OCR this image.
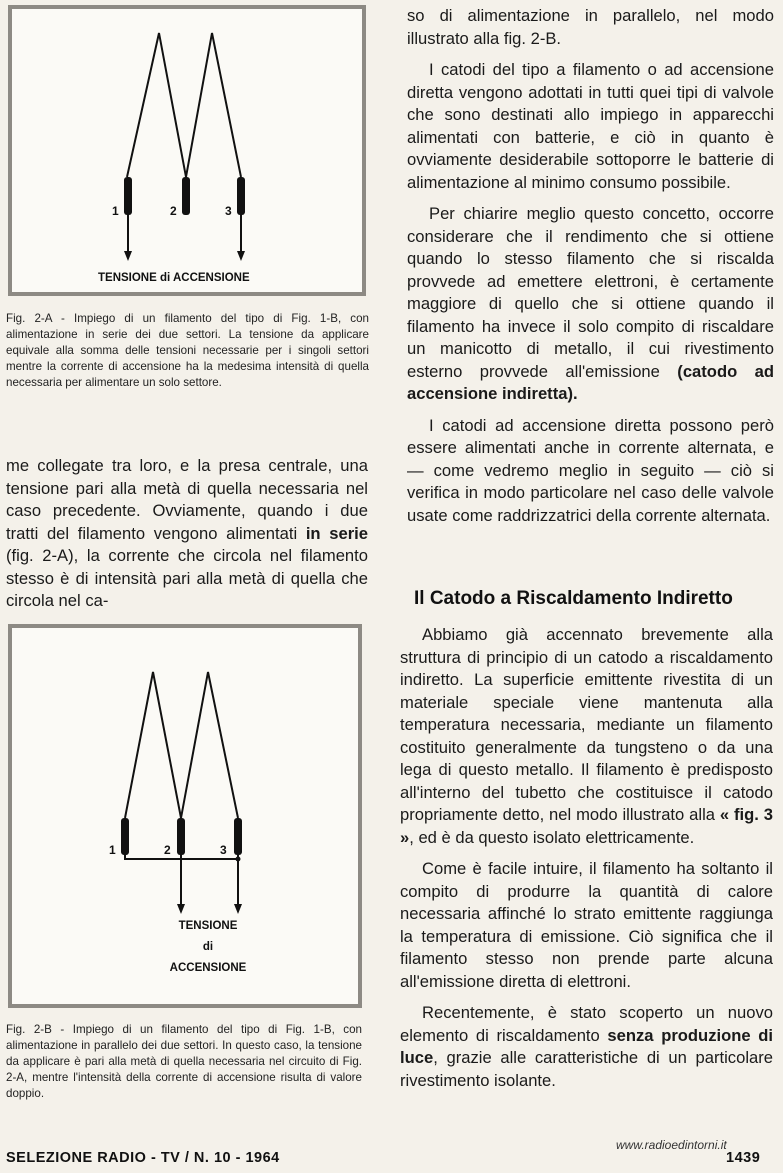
1	2	3
TENSIONE di ACCENSIONE
Fig. 2-A - Impiego di un filamento del tipo di Fig. 1-B, con alimentazione in serie dei due settori. La tensione da applicare equivale alla somma delle tensioni necessarie per i singoli settori mentre la corrente di accensione ha la medesima intensità di quella necessaria per alimentare un solo settore.

me collegate tra loro, e la presa centrale, una tensione pari alla metà di quella necessaria nel caso precedente. Ovviamente, quando i due tratti del filamento vengono alimentati in serie (fig. 2-A), la corrente che circola nel filamento stesso è di intensità pari alla metà di quella che circola nel ca-

1	2	3
TENSIONE
di
ACCENSIONE
Fig. 2-B - Impiego di un filamento del tipo di Fig. 1-B, con alimentazione in parallelo dei due settori. In questo caso, la tensione da applicare è pari alla metà di quella necessaria nel circuito di Fig. 2-A, mentre l'intensità della corrente di accensione risulta di valore doppio.

so di alimentazione in parallelo, nel modo illustrato alla fig. 2-B.

I catodi del tipo a filamento o ad accensione diretta vengono adottati in tutti quei tipi di valvole che sono destinati allo impiego in apparecchi alimentati con batterie, e ciò in quanto è ovviamente desiderabile sottoporre le batterie di alimentazione al minimo consumo possibile.

Per chiarire meglio questo concetto, occorre considerare che il rendimento che si ottiene quando lo stesso filamento che si riscalda provvede ad emettere elettroni, è certamente maggiore di quello che si ottiene quando il filamento ha invece il solo compito di riscaldare un manicotto di metallo, il cui rivestimento esterno provvede all'emissione (catodo ad accensione indiretta).

I catodi ad accensione diretta possono però essere alimentati anche in corrente alternata, e — come vedremo meglio in seguito — ciò si verifica in modo particolare nel caso delle valvole usate come raddrizzatrici della corrente alternata.

Il Catodo a Riscaldamento Indiretto

Abbiamo già accennato brevemente alla struttura di principio di un catodo a riscaldamento indiretto. La superficie emittente rivestita di un materiale speciale viene mantenuta alla temperatura necessaria, mediante un filamento costituito generalmente da tungsteno o da una lega di questo metallo. Il filamento è predisposto all'interno del tubetto che costituisce il catodo propriamente detto, nel modo illustrato alla « fig. 3 », ed è da questo isolato elettricamente.

Come è facile intuire, il filamento ha soltanto il compito di produrre la quantità di calore necessaria affinché lo strato emittente raggiunga la temperatura di emissione. Ciò significa che il filamento stesso non prende parte alcuna all'emissione diretta di elettroni.

Recentemente, è stato scoperto un nuovo elemento di riscaldamento senza produzione di luce, grazie alle caratteristiche di un particolare rivestimento isolante.

www.radioedintorni.it
SELEZIONE RADIO - TV / N. 10 - 1964	1439
